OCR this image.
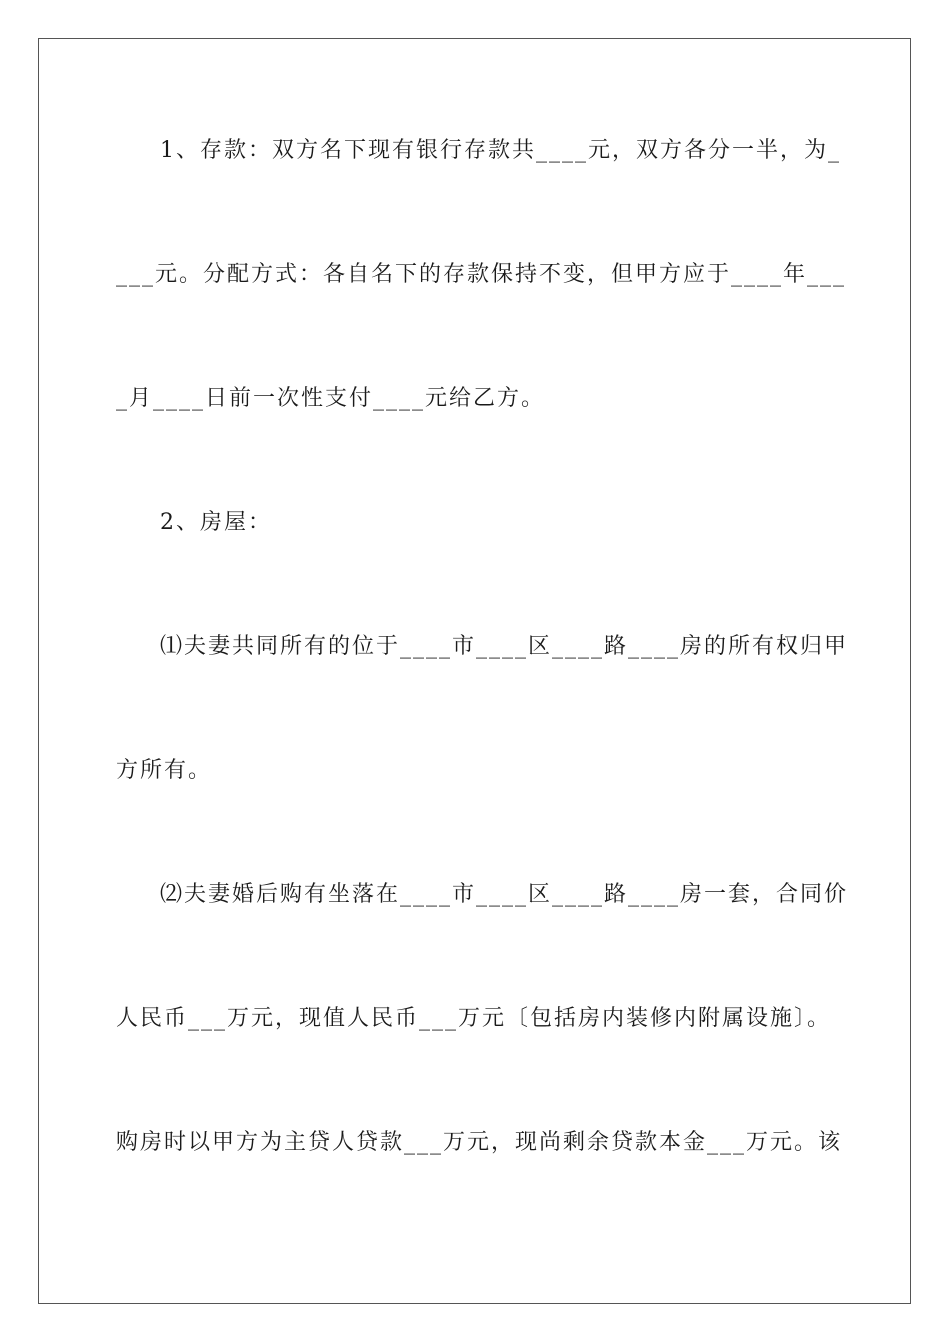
1、存款：双方名下现有银行存款共____元，双方各分一半，为_
___元。分配方式：各自名下的存款保持不变，但甲方应于____年___
_月____日前一次性支付____元给乙方。
2、房屋：
⑴夫妻共同所有的位于____市____区____路____房的所有权归甲
方所有。
⑵夫妻婚后购有坐落在____市____区____路____房一套，合同价
人民币___万元，现值人民币___万元〔包括房内装修内附属设施〕。
购房时以甲方为主贷人贷款___万元，现尚剩余贷款本金___万元。该
